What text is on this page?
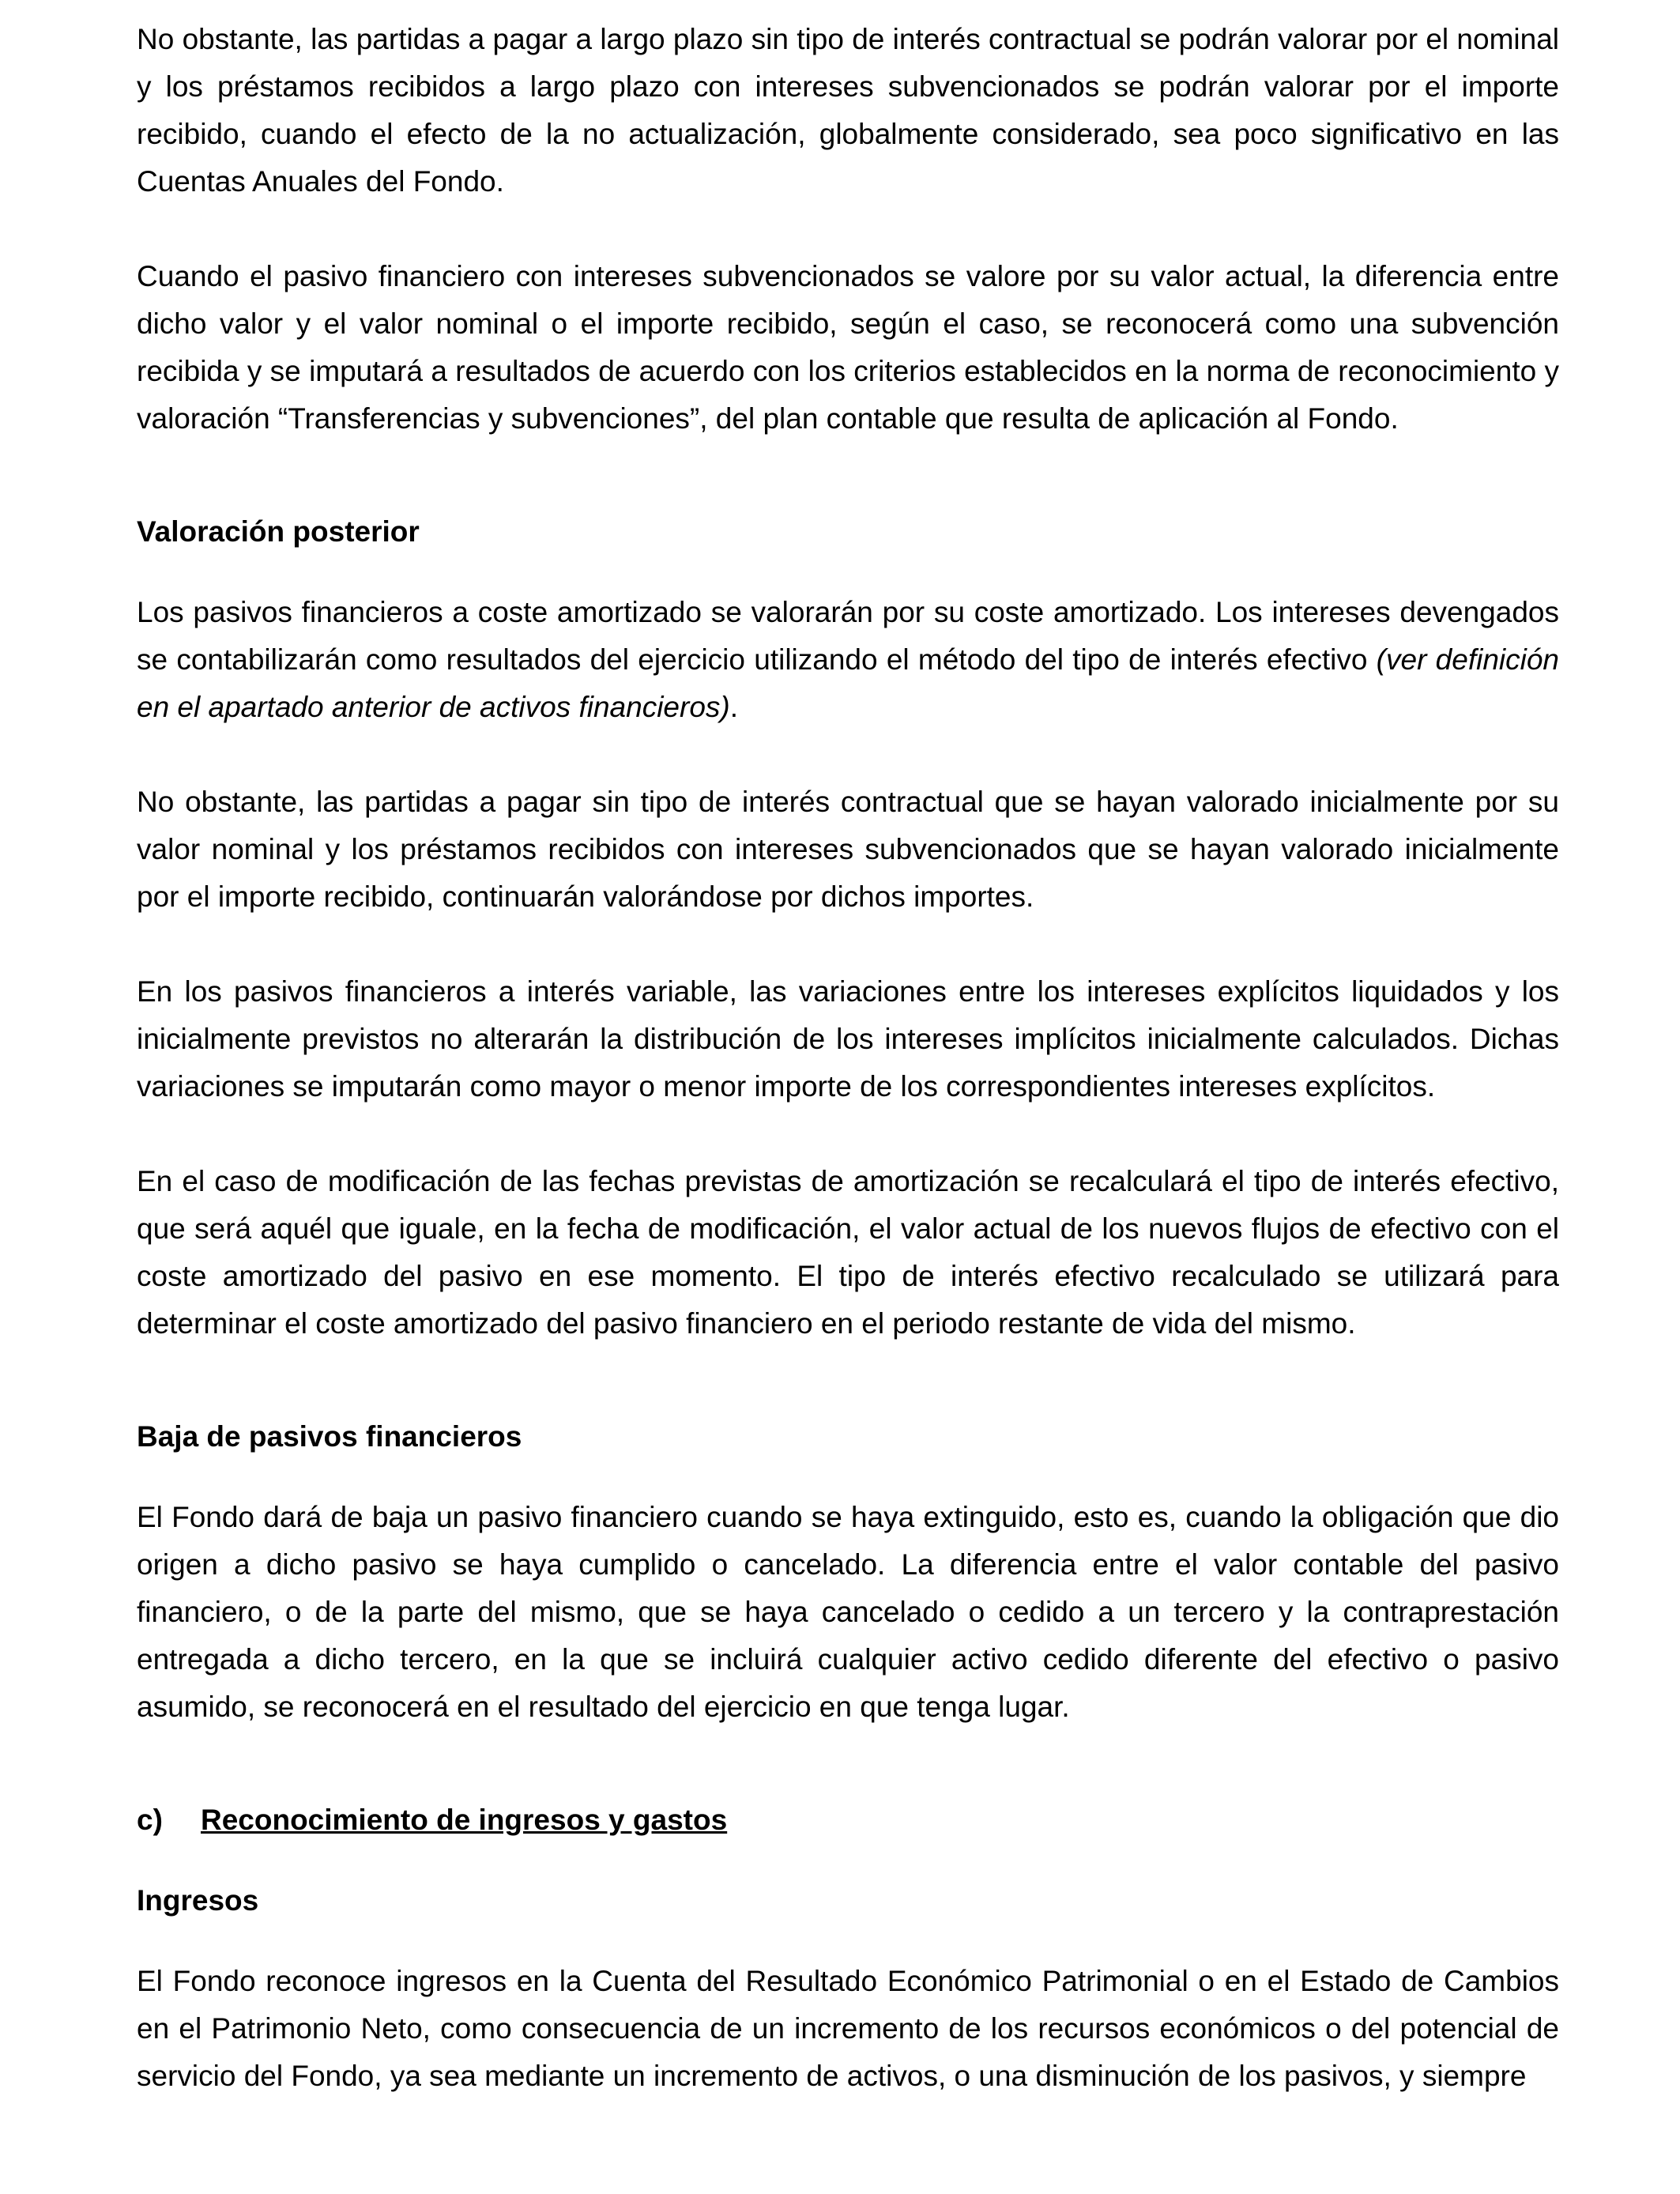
No obstante, las partidas a pagar a largo plazo sin tipo de interés contractual se podrán valorar por el nominal y los préstamos recibidos a largo plazo con intereses subvencionados se podrán valorar por el importe recibido, cuando el efecto de la no actualización, globalmente considerado, sea poco significativo en las Cuentas Anuales del Fondo.

Cuando el pasivo financiero con intereses subvencionados se valore por su valor actual, la diferencia entre dicho valor y el valor nominal o el importe recibido, según el caso, se reconocerá como una subvención recibida y se imputará a resultados de acuerdo con los criterios establecidos en la norma de reconocimiento y valoración “Transferencias y subvenciones”, del plan contable que resulta de aplicación al Fondo.

Valoración posterior

Los pasivos financieros a coste amortizado se valorarán por su coste amortizado. Los intereses devengados se contabilizarán como resultados del ejercicio utilizando el método del tipo de interés efectivo (ver definición en el apartado anterior de activos financieros).

No obstante, las partidas a pagar sin tipo de interés contractual que se hayan valorado inicialmente por su valor nominal y los préstamos recibidos con intereses subvencionados que se hayan valorado inicialmente por el importe recibido, continuarán valorándose por dichos importes.

En los pasivos financieros a interés variable, las variaciones entre los intereses explícitos liquidados y los inicialmente previstos no alterarán la distribución de los intereses implícitos inicialmente calculados. Dichas variaciones se imputarán como mayor o menor importe de los correspondientes intereses explícitos.

En el caso de modificación de las fechas previstas de amortización se recalculará el tipo de interés efectivo, que será aquél que iguale, en la fecha de modificación, el valor actual de los nuevos flujos de efectivo con el coste amortizado del pasivo en ese momento. El tipo de interés efectivo recalculado se utilizará para determinar el coste amortizado del pasivo financiero en el periodo restante de vida del mismo.

Baja de pasivos financieros

El Fondo dará de baja un pasivo financiero cuando se haya extinguido, esto es, cuando la obligación que dio origen a dicho pasivo se haya cumplido o cancelado. La diferencia entre el valor contable del pasivo financiero, o de la parte del mismo, que se haya cancelado o cedido a un tercero y la contraprestación entregada a dicho tercero, en la que se incluirá cualquier activo cedido diferente del efectivo o pasivo asumido, se reconocerá en el resultado del ejercicio en que tenga lugar.

c)	Reconocimiento de ingresos y gastos

Ingresos

El Fondo reconoce ingresos en la Cuenta del Resultado Económico Patrimonial o en el Estado de Cambios en el Patrimonio Neto, como consecuencia de un incremento de los recursos económicos o del potencial de servicio del Fondo, ya sea mediante un incremento de activos, o una disminución de los pasivos, y siempre
